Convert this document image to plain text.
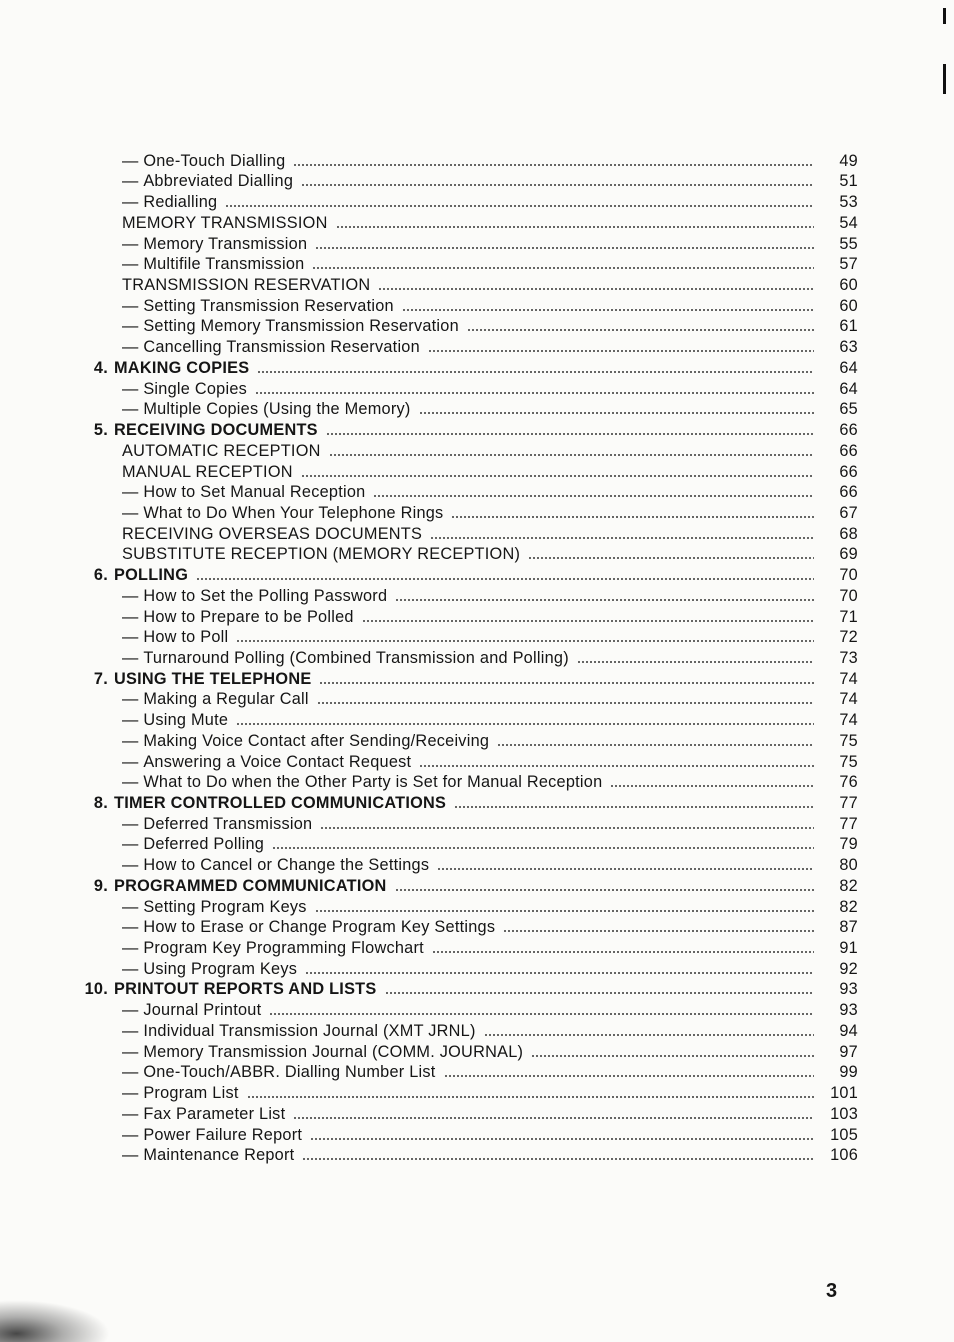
— One-Touch Dialling	49
— Abbreviated Dialling	51
— Redialling	53
MEMORY TRANSMISSION	54
— Memory Transmission	55
— Multifile Transmission	57
TRANSMISSION RESERVATION	60
— Setting Transmission Reservation	60
— Setting Memory Transmission Reservation	61
— Cancelling Transmission Reservation	63
4. MAKING COPIES	64
— Single Copies	64
— Multiple Copies (Using the Memory)	65
5. RECEIVING DOCUMENTS	66
AUTOMATIC RECEPTION	66
MANUAL RECEPTION	66
— How to Set Manual Reception	66
— What to Do When Your Telephone Rings	67
RECEIVING OVERSEAS DOCUMENTS	68
SUBSTITUTE RECEPTION (MEMORY RECEPTION)	69
6. POLLING	70
— How to Set the Polling Password	70
— How to Prepare to be Polled	71
— How to Poll	72
— Turnaround Polling (Combined Transmission and Polling)	73
7. USING THE TELEPHONE	74
— Making a Regular Call	74
— Using Mute	74
— Making Voice Contact after Sending/Receiving	75
— Answering a Voice Contact Request	75
— What to Do when the Other Party is Set for Manual Reception	76
8. TIMER CONTROLLED COMMUNICATIONS	77
— Deferred Transmission	77
— Deferred Polling	79
— How to Cancel or Change the Settings	80
9. PROGRAMMED COMMUNICATION	82
— Setting Program Keys	82
— How to Erase or Change Program Key Settings	87
— Program Key Programming Flowchart	91
— Using Program Keys	92
10. PRINTOUT REPORTS AND LISTS	93
— Journal Printout	93
— Individual Transmission Journal (XMT JRNL)	94
— Memory Transmission Journal (COMM. JOURNAL)	97
— One-Touch/ABBR. Dialling Number List	99
— Program List	101
— Fax Parameter List	103
— Power Failure Report	105
— Maintenance Report	106
3
